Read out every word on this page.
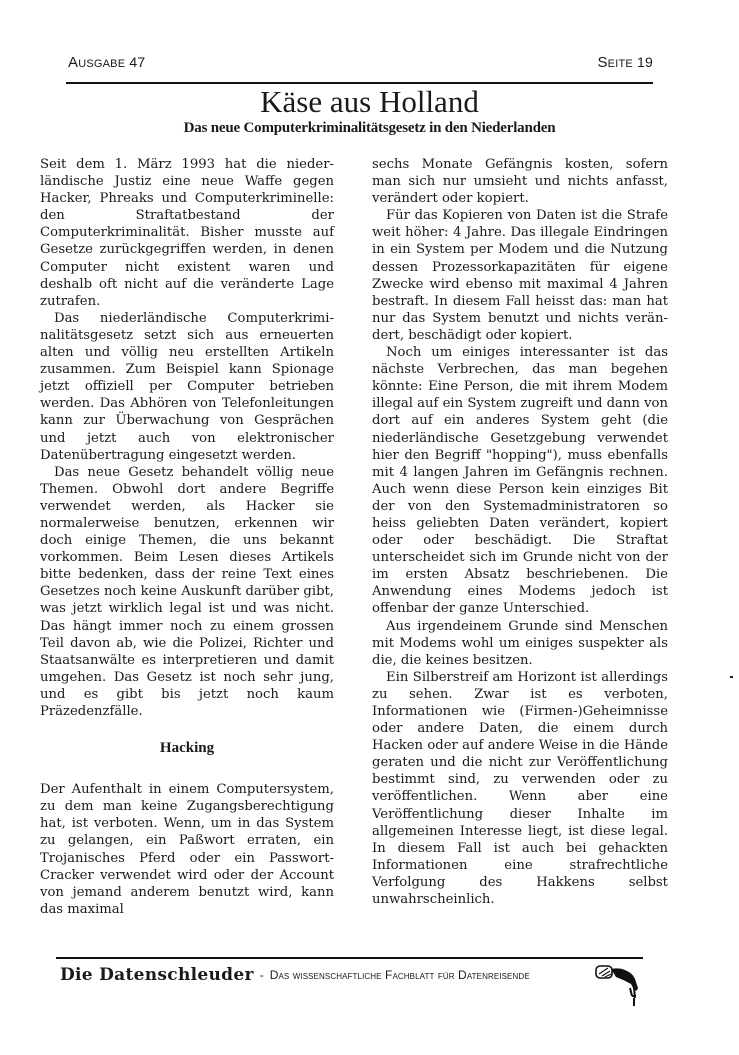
Ausgabe 47	Seite 19
Käse aus Holland
Das neue Computerkriminalitätsgesetz in den Niederlanden

Seit dem 1. März 1993 hat die niederländische Justiz eine neue Waffe gegen Hacker, Phreaks und Computerkriminelle: den Straftatbestand der Computerkriminalität. Bisher musste auf Gesetze zurückgegriffen werden, in denen Computer nicht existent waren und deshalb oft nicht auf die veränderte Lage zutrafen.

Das niederländische Computerkriminalitätsgesetz setzt sich aus erneuerten alten und völlig neu erstellten Artikeln zusammen. Zum Beispiel kann Spionage jetzt offiziell per Computer betrieben werden. Das Abhören von Telefonleitungen kann zur Überwachung von Gesprächen und jetzt auch von elektronischer Datenübertragung eingesetzt werden.

Das neue Gesetz behandelt völlig neue Themen. Obwohl dort andere Begriffe verwendet werden, als Hacker sie normalerweise benutzen, erkennen wir doch einige Themen, die uns bekannt vorkommen. Beim Lesen dieses Artikels bitte bedenken, dass der reine Text eines Gesetzes noch keine Auskunft darüber gibt, was jetzt wirklich legal ist und was nicht. Das hängt immer noch zu einem grossen Teil davon ab, wie die Polizei, Richter und Staatsanwälte es interpretieren und damit umgehen. Das Gesetz ist noch sehr jung, und es gibt bis jetzt noch kaum Präzedenzfälle.

Hacking

Der Aufenthalt in einem Computersystem, zu dem man keine Zugangsberechtigung hat, ist verboten. Wenn, um in das System zu gelangen, ein Paßwort erraten, ein Trojanisches Pferd oder ein Passwort-Cracker verwendet wird oder der Account von jemand anderem benutzt wird, kann das maximal

sechs Monate Gefängnis kosten, sofern man sich nur umsieht und nichts anfasst, verändert oder kopiert.

Für das Kopieren von Daten ist die Strafe weit höher: 4 Jahre. Das illegale Eindringen in ein System per Modem und die Nutzung dessen Prozessorkapazitäten für eigene Zwecke wird ebenso mit maximal 4 Jahren bestraft. In diesem Fall heisst das: man hat nur das System benutzt und nichts verändert, beschädigt oder kopiert.

Noch um einiges interessanter ist das nächste Verbrechen, das man begehen könnte: Eine Person, die mit ihrem Modem illegal auf ein System zugreift und dann von dort auf ein anderes System geht (die niederländische Gesetzgebung verwendet hier den Begriff "hopping"), muss ebenfalls mit 4 langen Jahren im Gefängnis rechnen. Auch wenn diese Person kein einziges Bit der von den Systemadministratoren so heiss geliebten Daten verändert, kopiert oder oder beschädigt. Die Straftat unterscheidet sich im Grunde nicht von der im ersten Absatz beschriebenen. Die Anwendung eines Modems jedoch ist offenbar der ganze Unterschied.

Aus irgendeinem Grunde sind Menschen mit Modems wohl um einiges suspekter als die, die keines besitzen.

Ein Silberstreif am Horizont ist allerdings zu sehen. Zwar ist es verboten, Informationen wie (Firmen-)Geheimnisse oder andere Daten, die einem durch Hacken oder auf andere Weise in die Hände geraten und die nicht zur Veröffentlichung bestimmt sind, zu verwenden oder zu veröffentlichen. Wenn aber eine Veröffentlichung dieser Inhalte im allgemeinen Interesse liegt, ist diese legal. In diesem Fall ist auch bei gehackten Informationen eine strafrechtliche Verfolgung des Hakkens selbst unwahrscheinlich.

Die Datenschleuder - Das wissenschaftliche Fachblatt für Datenreisende
